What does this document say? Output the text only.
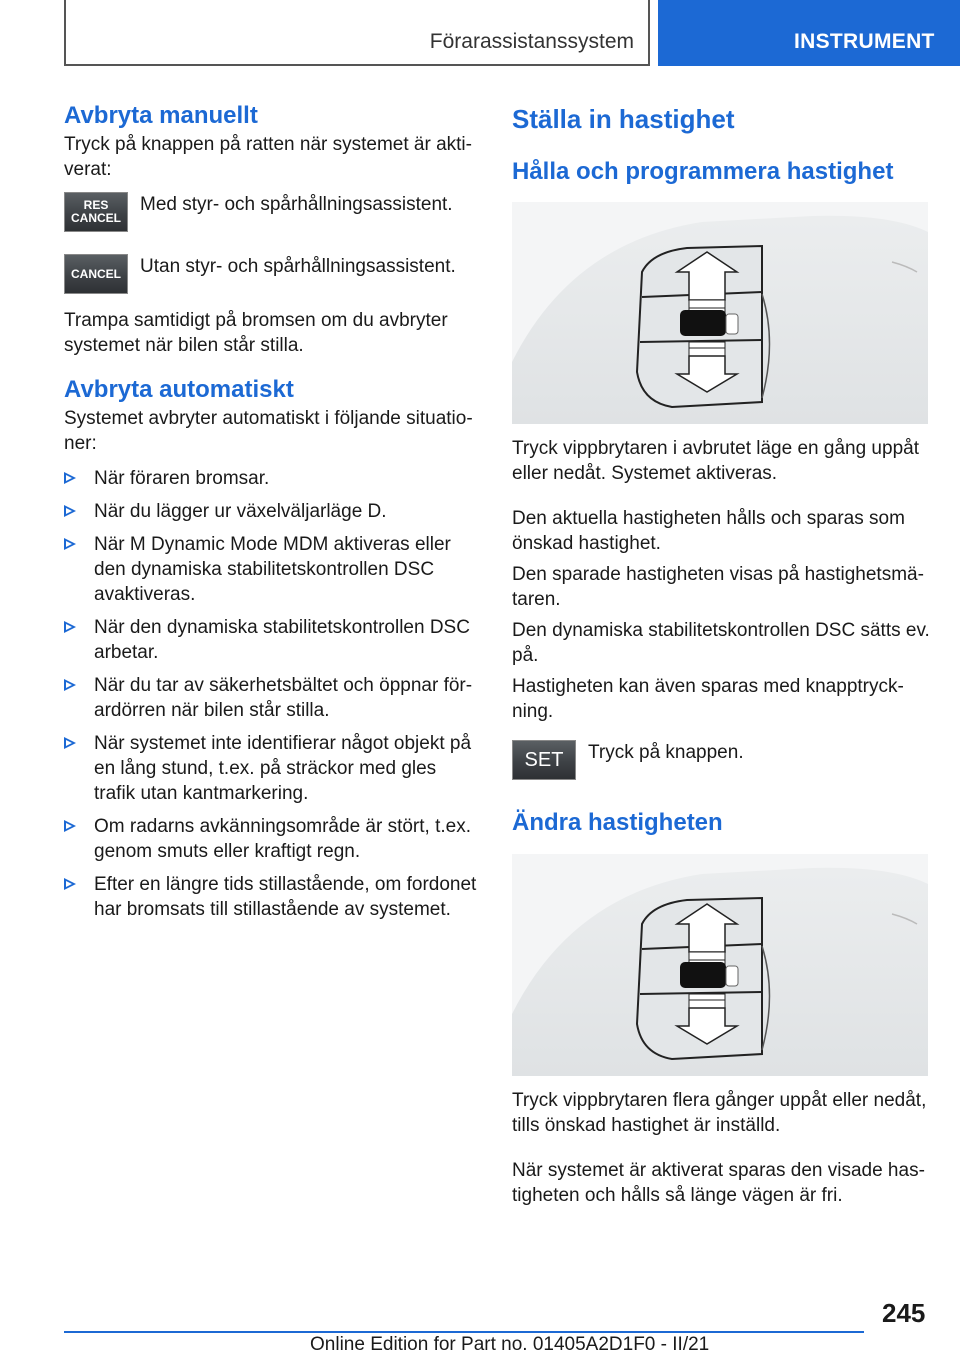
Förarassistanssystem	INSTRUMENT
Avbryta manuellt

Tryck på knappen på ratten när systemet är aktiverat:

RES CANCEL
Med styr- och spårhållningsassistent.
CANCEL	Utan styr- och spårhållningsassistent.

Trampa samtidigt på bromsen om du avbryter systemet när bilen står stilla.

Avbryta automatiskt

Systemet avbryter automatiskt i följande situationer:

När föraren bromsar.
När du lägger ur växelväljarläge D.
När M Dynamic Mode MDM aktiveras eller den dynamiska stabilitetskontrollen DSC avaktiveras.
När den dynamiska stabilitetskontrollen DSC arbetar.
När du tar av säkerhetsbältet och öppnar förardörren när bilen står stilla.
När systemet inte identifierar något objekt på en lång stund, t.ex. på sträckor med gles trafik utan kantmarkering.
Om radarns avkänningsområde är stört, t.ex. genom smuts eller kraftigt regn.
Efter en längre tids stillastående, om fordonet har bromsats till stillastående av systemet.
Ställa in hastighet
Hålla och programmera hastighet

Tryck vippbrytaren i avbrutet läge en gång uppåt eller nedåt. Systemet aktiveras.

Den aktuella hastigheten hålls och sparas som önskad hastighet.

Den sparade hastigheten visas på hastighetsmätaren.

Den dynamiska stabilitetskontrollen DSC sätts ev. på.

Hastigheten kan även sparas med knapptryckning.

SET	Tryck på knappen.
Ändra hastigheten

Tryck vippbrytaren flera gånger uppåt eller nedåt, tills önskad hastighet är inställd.

När systemet är aktiverat sparas den visade hastigheten och hålls så länge vägen är fri.

245
Online Edition for Part no. 01405A2D1F0 - II/21
